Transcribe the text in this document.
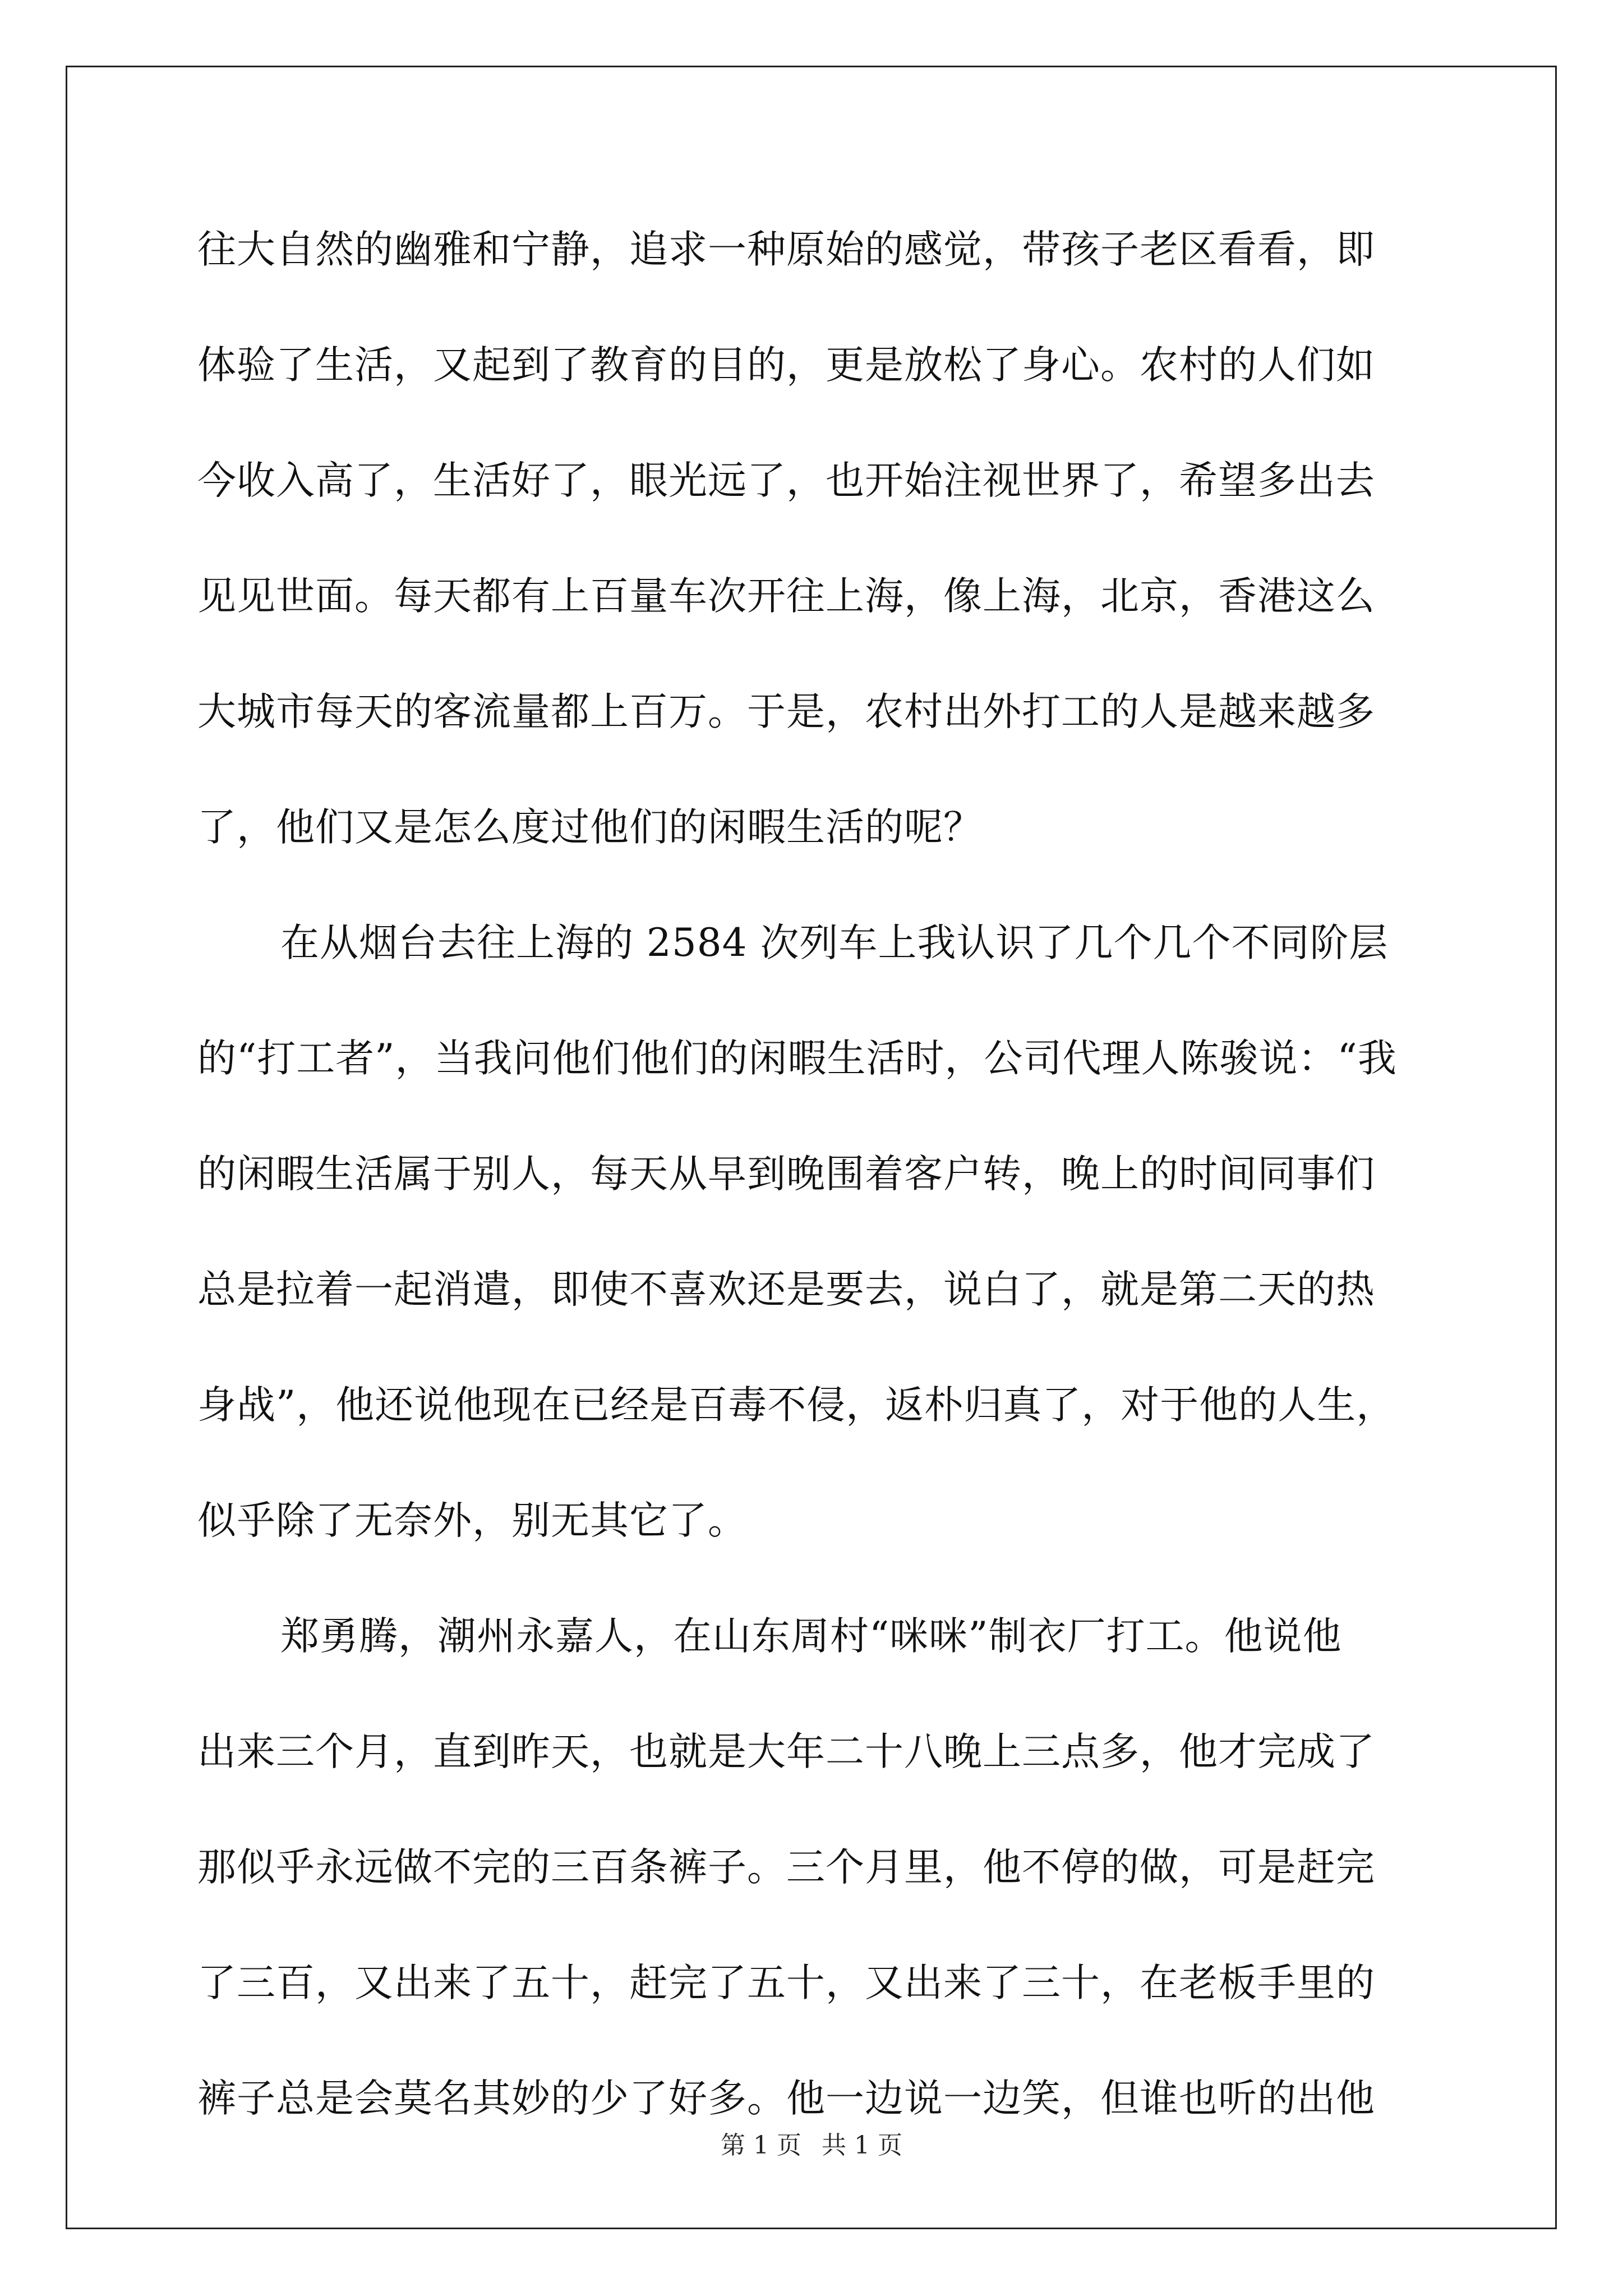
往大自然的幽雅和宁静，追求一种原始的感觉，带孩子老区看看，即
体验了生活，又起到了教育的目的，更是放松了身心。农村的人们如
今收入高了，生活好了，眼光远了，也开始注视世界了，希望多出去
见见世面。每天都有上百量车次开往上海，像上海，北京，香港这么
大城市每天的客流量都上百万。于是，农村出外打工的人是越来越多
了，他们又是怎么度过他们的闲暇生活的呢？
在从烟台去往上海的 2584 次列车上我认识了几个几个不同阶层
的“打工者”，当我问他们他们的闲暇生活时，公司代理人陈骏说：“我
的闲暇生活属于别人，每天从早到晚围着客户转，晚上的时间同事们
总是拉着一起消遣，即使不喜欢还是要去，说白了，就是第二天的热
身战”，他还说他现在已经是百毒不侵，返朴归真了，对于他的人生，
似乎除了无奈外，别无其它了。
郑勇腾，潮州永嘉人，在山东周村“咪咪”制衣厂打工。他说他
出来三个月，直到昨天，也就是大年二十八晚上三点多，他才完成了
那似乎永远做不完的三百条裤子。三个月里，他不停的做，可是赶完
了三百，又出来了五十，赶完了五十，又出来了三十，在老板手里的
裤子总是会莫名其妙的少了好多。他一边说一边笑，但谁也听的出他
第 1 页 共 1 页
